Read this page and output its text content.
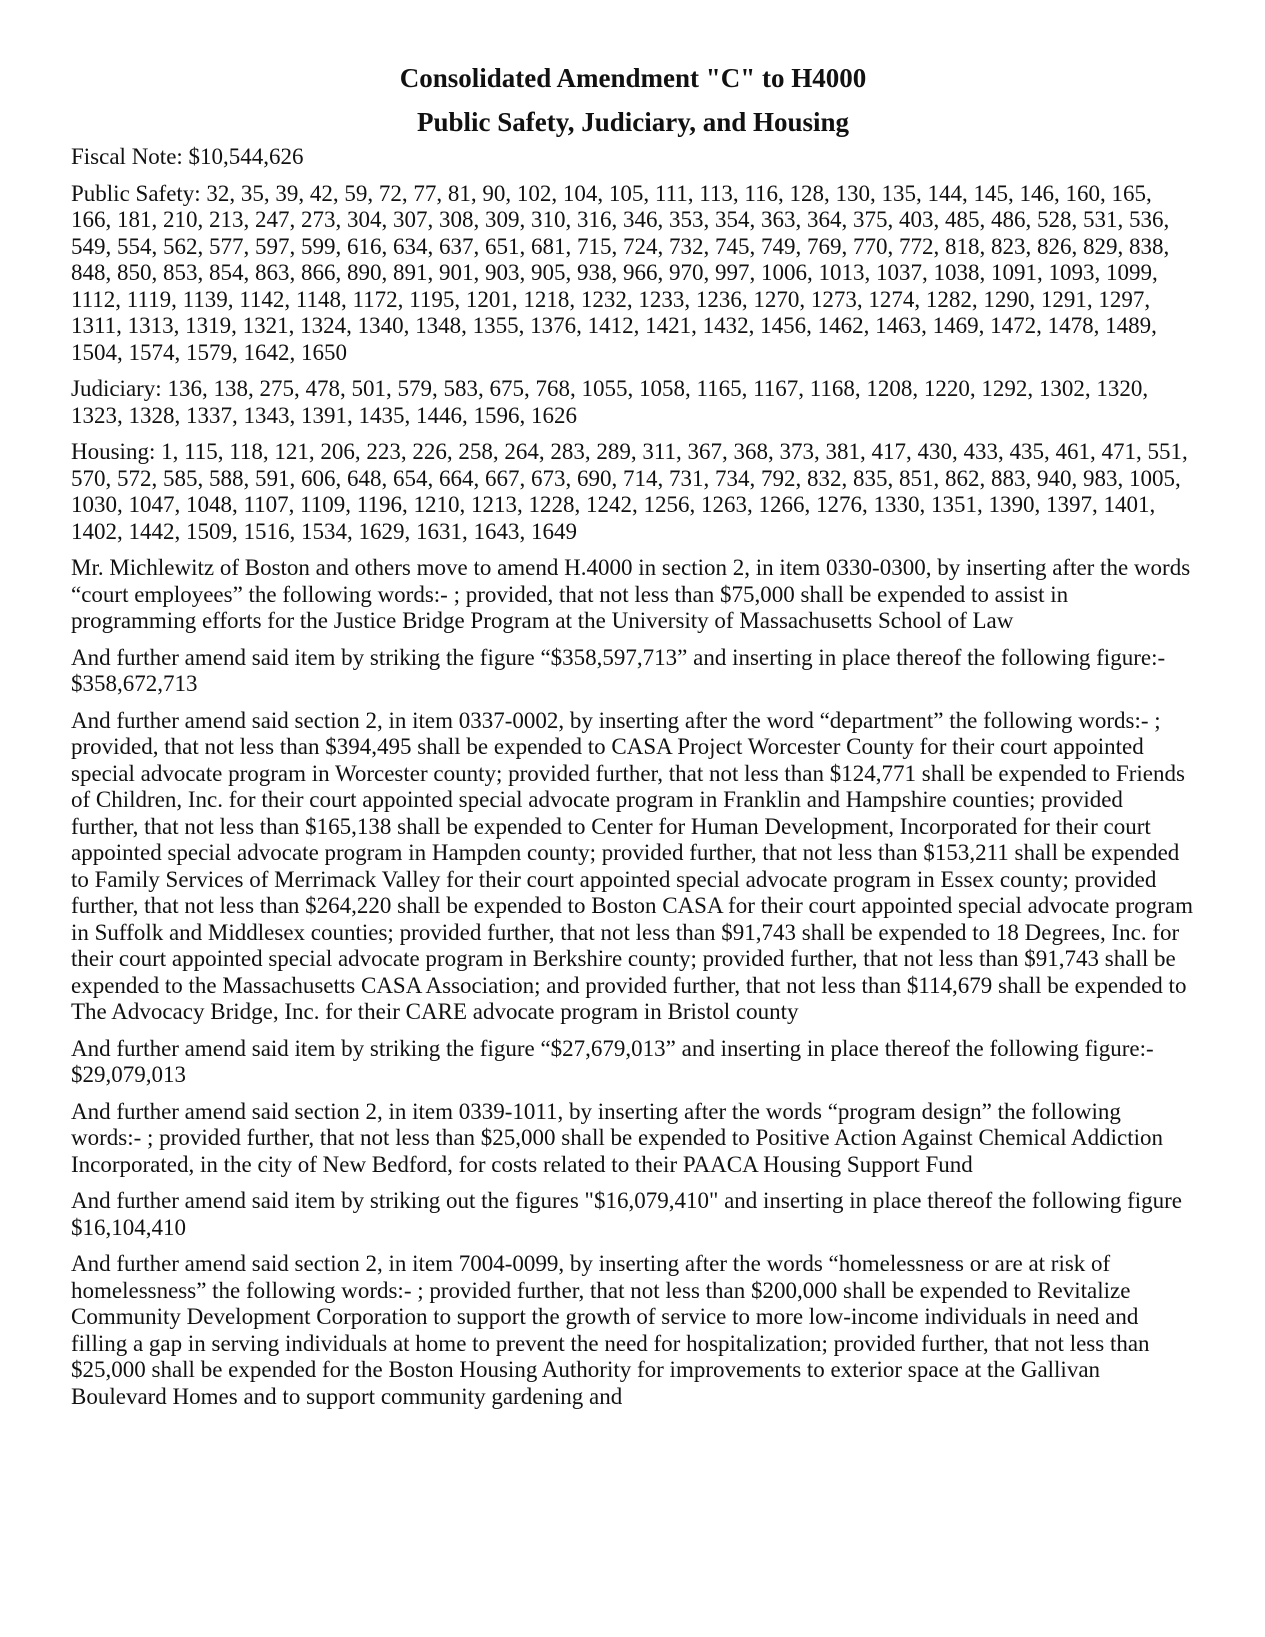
Consolidated Amendment "C" to H4000
Public Safety, Judiciary, and Housing

Fiscal Note: $10,544,626

Public Safety: 32, 35, 39, 42, 59, 72, 77, 81, 90, 102, 104, 105, 111, 113, 116, 128, 130, 135, 144, 145, 146, 160, 165, 166, 181, 210, 213, 247, 273, 304, 307, 308, 309, 310, 316, 346, 353, 354, 363, 364, 375, 403, 485, 486, 528, 531, 536, 549, 554, 562, 577, 597, 599, 616, 634, 637, 651, 681, 715, 724, 732, 745, 749, 769, 770, 772, 818, 823, 826, 829, 838, 848, 850, 853, 854, 863, 866, 890, 891, 901, 903, 905, 938, 966, 970, 997, 1006, 1013, 1037, 1038, 1091, 1093, 1099, 1112, 1119, 1139, 1142, 1148, 1172, 1195, 1201, 1218, 1232, 1233, 1236, 1270, 1273, 1274, 1282, 1290, 1291, 1297, 1311, 1313, 1319, 1321, 1324, 1340, 1348, 1355, 1376, 1412, 1421, 1432, 1456, 1462, 1463, 1469, 1472, 1478, 1489, 1504, 1574, 1579, 1642, 1650

Judiciary: 136, 138, 275, 478, 501, 579, 583, 675, 768, 1055, 1058, 1165, 1167, 1168, 1208, 1220, 1292, 1302, 1320, 1323, 1328, 1337, 1343, 1391, 1435, 1446, 1596, 1626

Housing: 1, 115, 118, 121, 206, 223, 226, 258, 264, 283, 289, 311, 367, 368, 373, 381, 417, 430, 433, 435, 461, 471, 551, 570, 572, 585, 588, 591, 606, 648, 654, 664, 667, 673, 690, 714, 731, 734, 792, 832, 835, 851, 862, 883, 940, 983, 1005, 1030, 1047, 1048, 1107, 1109, 1196, 1210, 1213, 1228, 1242, 1256, 1263, 1266, 1276, 1330, 1351, 1390, 1397, 1401, 1402, 1442, 1509, 1516, 1534, 1629, 1631, 1643, 1649

Mr. Michlewitz of Boston and others move to amend H.4000 in section 2, in item 0330-0300, by inserting after the words “court employees” the following words:- ; provided, that not less than $75,000 shall be expended to assist in programming efforts for the Justice Bridge Program at the University of Massachusetts School of Law

And further amend said item by striking the figure “$358,597,713” and inserting in place thereof the following figure:- $358,672,713

And further amend said section 2, in item 0337-0002, by inserting after the word “department” the following words:- ; provided, that not less than $394,495 shall be expended to CASA Project Worcester County for their court appointed special advocate program in Worcester county; provided further, that not less than $124,771 shall be expended to Friends of Children, Inc. for their court appointed special advocate program in Franklin and Hampshire counties; provided further, that not less than $165,138 shall be expended to Center for Human Development, Incorporated for their court appointed special advocate program in Hampden county; provided further, that not less than $153,211 shall be expended to Family Services of Merrimack Valley for their court appointed special advocate program in Essex county; provided further, that not less than $264,220 shall be expended to Boston CASA for their court appointed special advocate program in Suffolk and Middlesex counties; provided further, that not less than $91,743 shall be expended to 18 Degrees, Inc. for their court appointed special advocate program in Berkshire county; provided further, that not less than $91,743 shall be expended to the Massachusetts CASA Association; and provided further, that not less than $114,679 shall be expended to The Advocacy Bridge, Inc. for their CARE advocate program in Bristol county

And further amend said item by striking the figure “$27,679,013” and inserting in place thereof the following figure:- $29,079,013

And further amend said section 2, in item 0339-1011, by inserting after the words “program design” the following words:- ; provided further, that not less than $25,000 shall be expended to Positive Action Against Chemical Addiction Incorporated, in the city of New Bedford, for costs related to their PAACA Housing Support Fund

And further amend said item by striking out the figures "$16,079,410" and inserting in place thereof the following figure $16,104,410

And further amend said section 2, in item 7004-0099, by inserting after the words “homelessness or are at risk of homelessness” the following words:- ; provided further, that not less than $200,000 shall be expended to Revitalize Community Development Corporation to support the growth of service to more low-income individuals in need and filling a gap in serving individuals at home to prevent the need for hospitalization; provided further, that not less than $25,000 shall be expended for the Boston Housing Authority for improvements to exterior space at the Gallivan Boulevard Homes and to support community gardening and
